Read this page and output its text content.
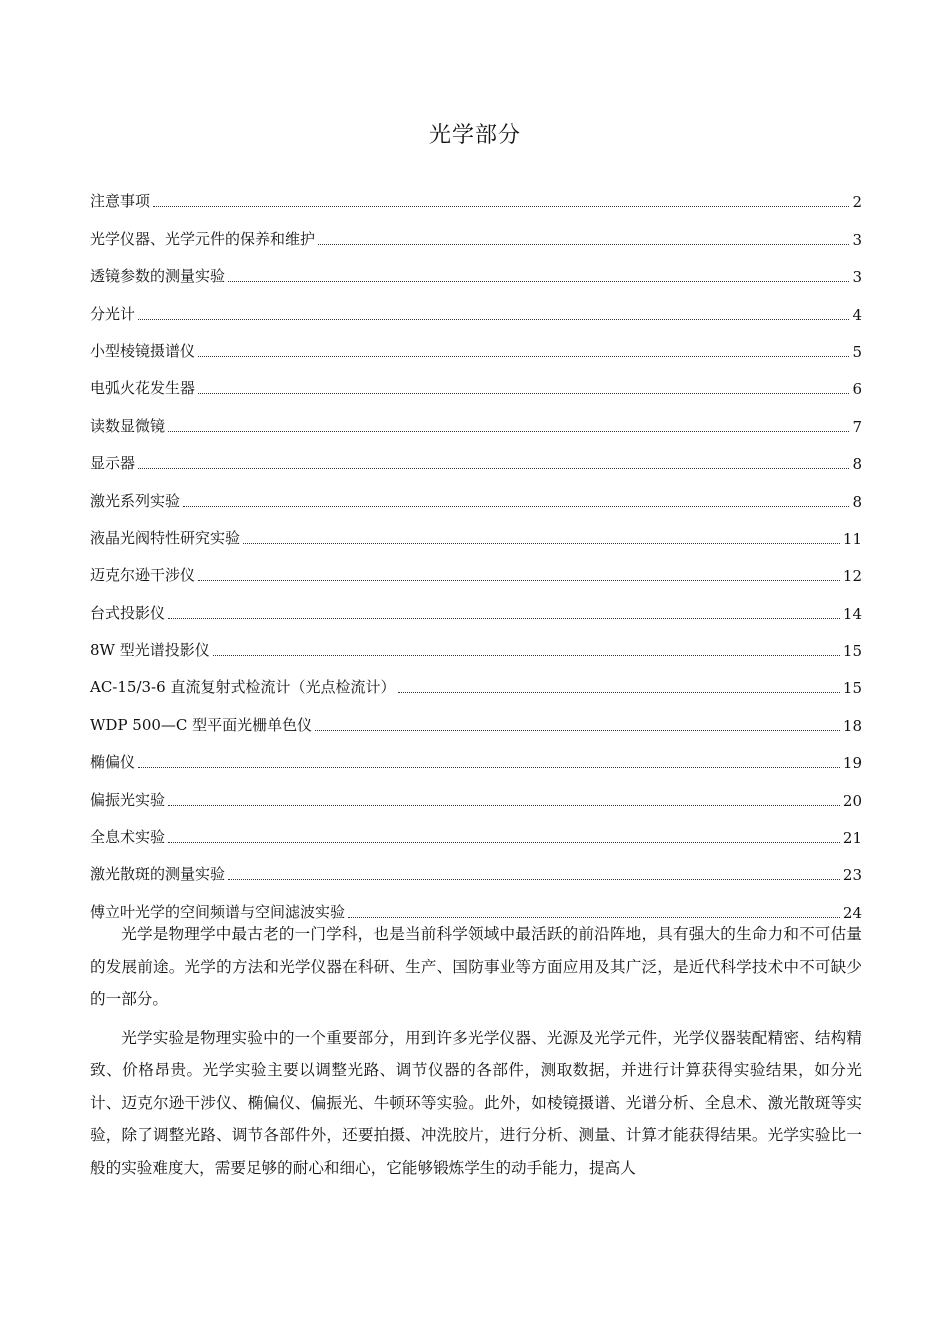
光学部分
注意事项	2
光学仪器、光学元件的保养和维护	3
透镜参数的测量实验	3
分光计	4
小型棱镜摄谱仪	5
电弧火花发生器	6
读数显微镜	7
显示器	8
激光系列实验	8
液晶光阀特性研究实验	11
迈克尔逊干涉仪	12
台式投影仪	14
8W 型光谱投影仪	15
AC-15/3-6 直流复射式检流计（光点检流计）	15
WDP 500—C 型平面光栅单色仪	18
椭偏仪	19
偏振光实验	20
全息术实验	21
激光散斑的测量实验	23
傅立叶光学的空间频谱与空间滤波实验	24

光学是物理学中最古老的一门学科，也是当前科学领域中最活跃的前沿阵地，具有强大的生命力和不可估量的发展前途。光学的方法和光学仪器在科研、生产、国防事业等方面应用及其广泛，是近代科学技术中不可缺少的一部分。

光学实验是物理实验中的一个重要部分，用到许多光学仪器、光源及光学元件，光学仪器装配精密、结构精致、价格昂贵。光学实验主要以调整光路、调节仪器的各部件，测取数据，并进行计算获得实验结果，如分光计、迈克尔逊干涉仪、椭偏仪、偏振光、牛顿环等实验。此外，如棱镜摄谱、光谱分析、全息术、激光散斑等实验，除了调整光路、调节各部件外，还要拍摄、冲洗胶片，进行分析、测量、计算才能获得结果。光学实验比一般的实验难度大，需要足够的耐心和细心，它能够锻炼学生的动手能力，提高人
